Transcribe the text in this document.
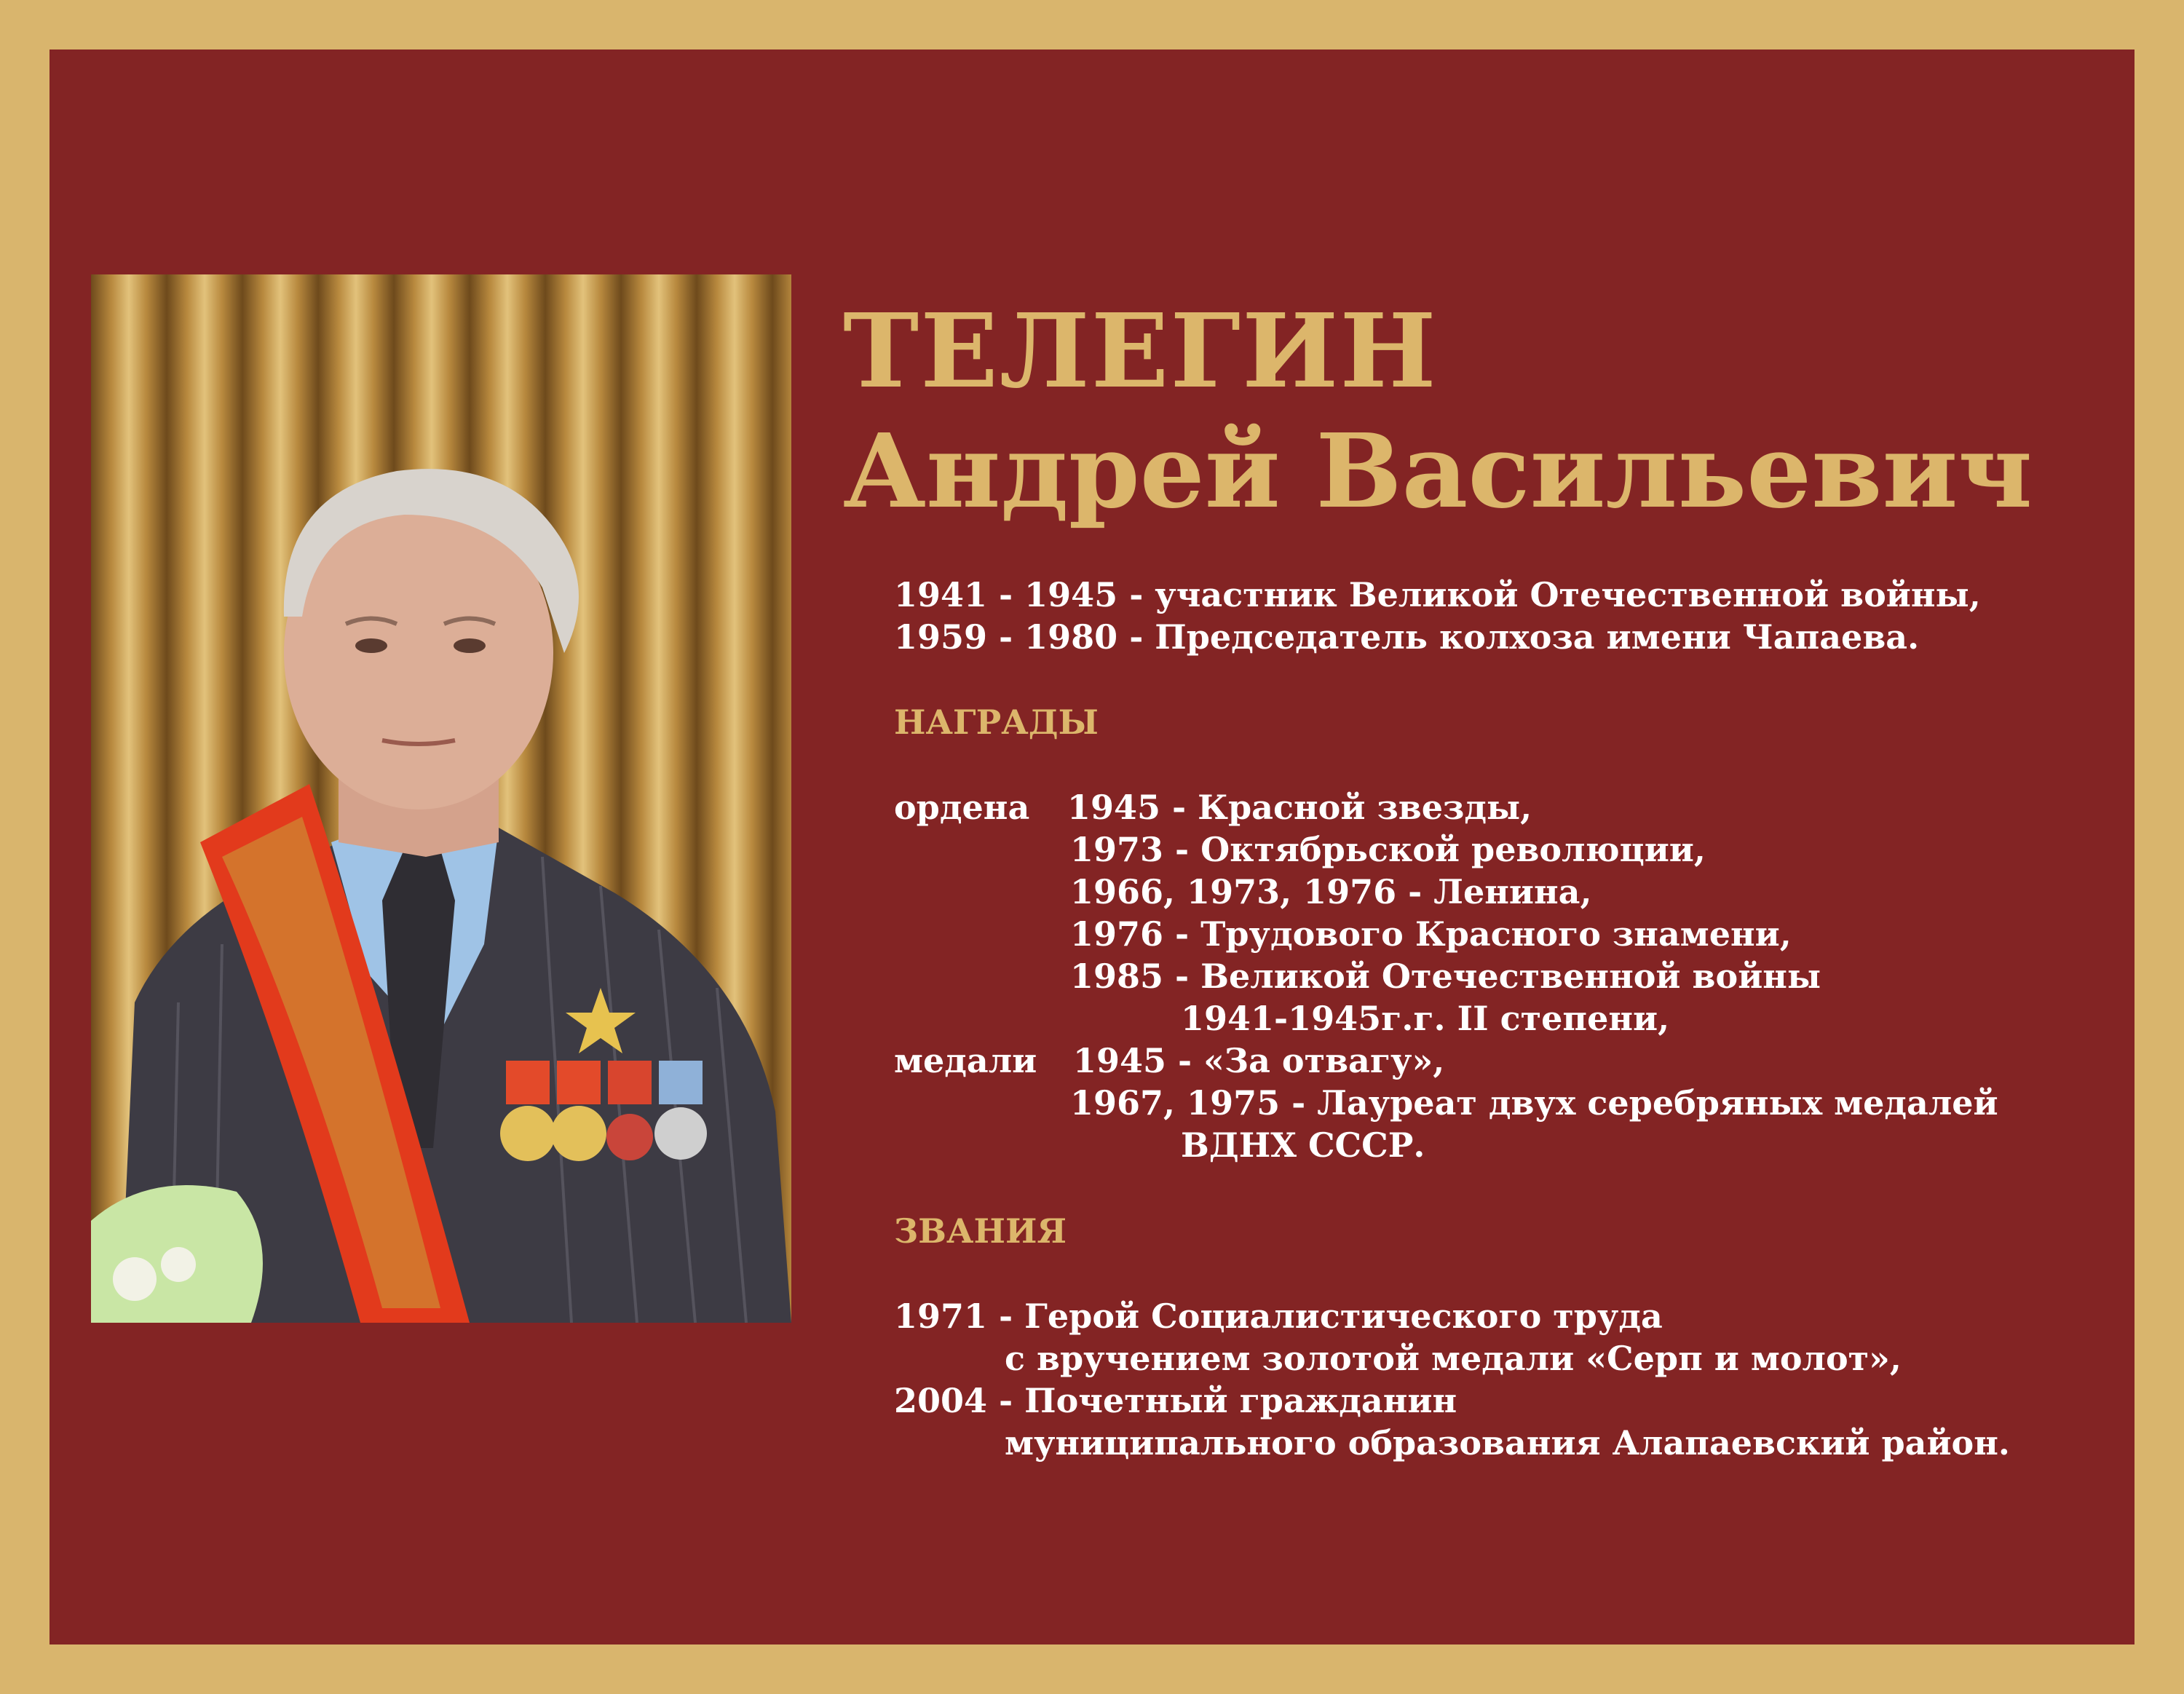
ТЕЛЕГИН
Андрей Васильевич
1941 - 1945 - участник Великой Отечественной войны,
1959 - 1980 - Председатель колхоза имени Чапаева.
НАГРАДЫ
ордена 1945 - Красной звезды,
1973 - Октябрьской революции,
1966, 1973, 1976 - Ленина,
1976 - Трудового Красного знамени,
1985 - Великой Отечественной войны
1941-1945г.г. II степени,
медали 1945 - «За отвагу»,
1967, 1975 - Лауреат двух серебряных медалей
ВДНХ СССР.
ЗВАНИЯ
1971 - Герой Социалистического труда
с вручением золотой медали «Серп и молот»,
2004 - Почетный гражданин
муниципального образования Алапаевский район.
